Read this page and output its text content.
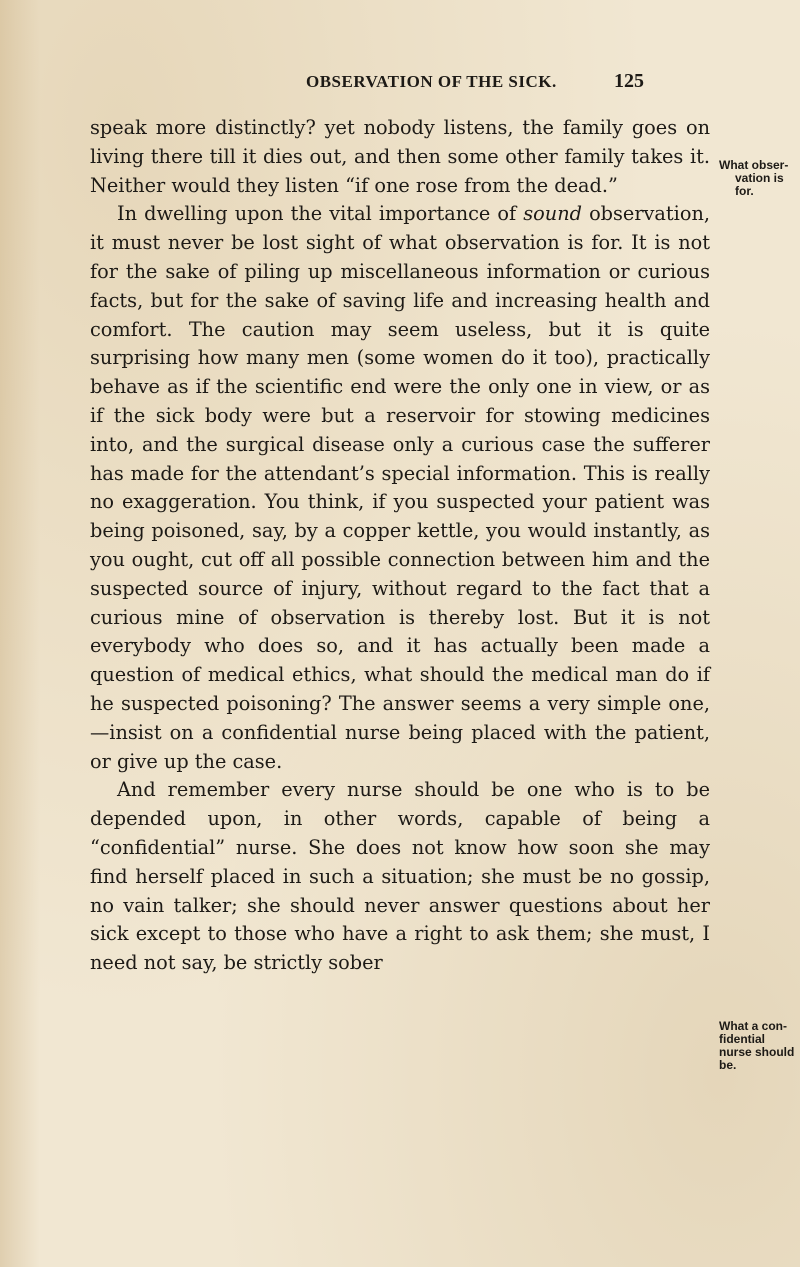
OBSERVATION OF THE SICK.	125

speak more distinctly? yet nobody listens, the family goes on living there till it dies out, and then some other family takes it. Neither would they listen “if one rose from the dead.”

In dwelling upon the vital importance of sound observation, it must never be lost sight of what observation is for. It is not for the sake of piling up miscellaneous information or curious facts, but for the sake of saving life and increasing health and comfort. The caution may seem useless, but it is quite surprising how many men (some women do it too), practically behave as if the scientific end were the only one in view, or as if the sick body were but a reservoir for stowing medicines into, and the surgical disease only a curious case the sufferer has made for the attendant’s special information. This is really no exaggeration. You think, if you suspected your patient was being poisoned, say, by a copper kettle, you would instantly, as you ought, cut off all possible connection between him and the suspected source of injury, without regard to the fact that a curious mine of observation is thereby lost. But it is not everybody who does so, and it has actually been made a question of medical ethics, what should the medical man do if he suspected poisoning? The answer seems a very simple one,—insist on a confidential nurse being placed with the patient, or give up the case.

And remember every nurse should be one who is to be depended upon, in other words, capable of being a “confidential” nurse. She does not know how soon she may find herself placed in such a situation; she must be no gossip, no vain talker; she should never answer questions about her sick except to those who have a right to ask them; she must, I need not say, be strictly sober

What obser-
vation is for.
What a con-
fidential
nurse should
be.
